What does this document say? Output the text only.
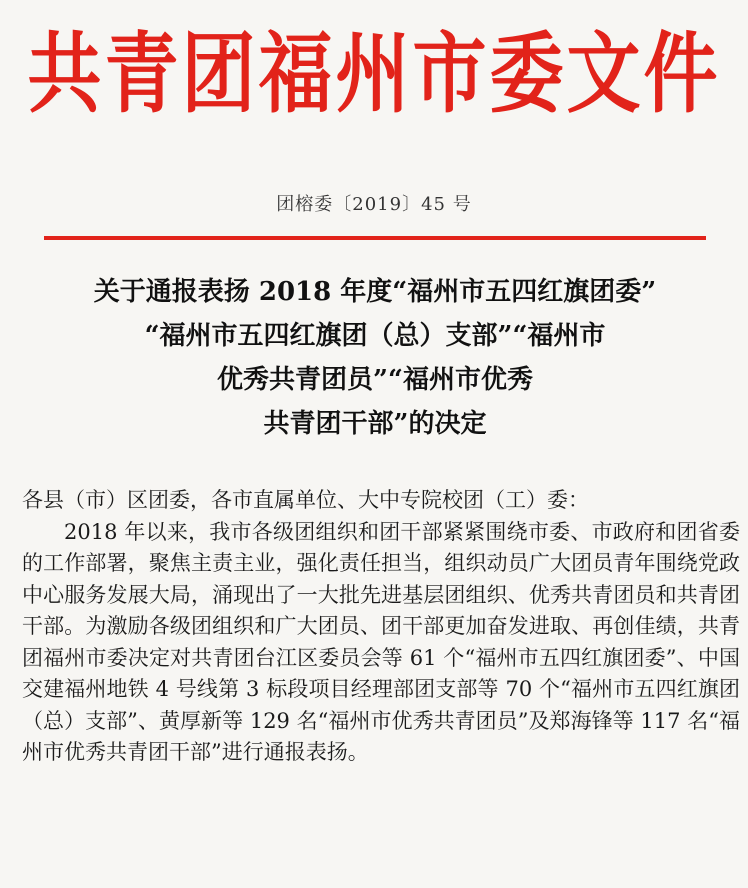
共青团福州市委文件
团榕委〔2019〕45 号
关于通报表扬 2018 年度“福州市五四红旗团委”
“福州市五四红旗团（总）支部”“福州市
优秀共青团员”“福州市优秀
共青团干部”的决定
各县（市）区团委，各市直属单位、大中专院校团（工）委：
2018 年以来，我市各级团组织和团干部紧紧围绕市委、市政府和团省委的工作部署，聚焦主责主业，强化责任担当，组织动员广大团员青年围绕党政中心服务发展大局，涌现出了一大批先进基层团组织、优秀共青团员和共青团干部。为激励各级团组织和广大团员、团干部更加奋发进取、再创佳绩，共青团福州市委决定对共青团台江区委员会等 61 个“福州市五四红旗团委”、中国交建福州地铁 4 号线第 3 标段项目经理部团支部等 70 个“福州市五四红旗团（总）支部”、黄厚新等 129 名“福州市优秀共青团员”及郑海锋等 117 名“福州市优秀共青团干部”进行通报表扬。
